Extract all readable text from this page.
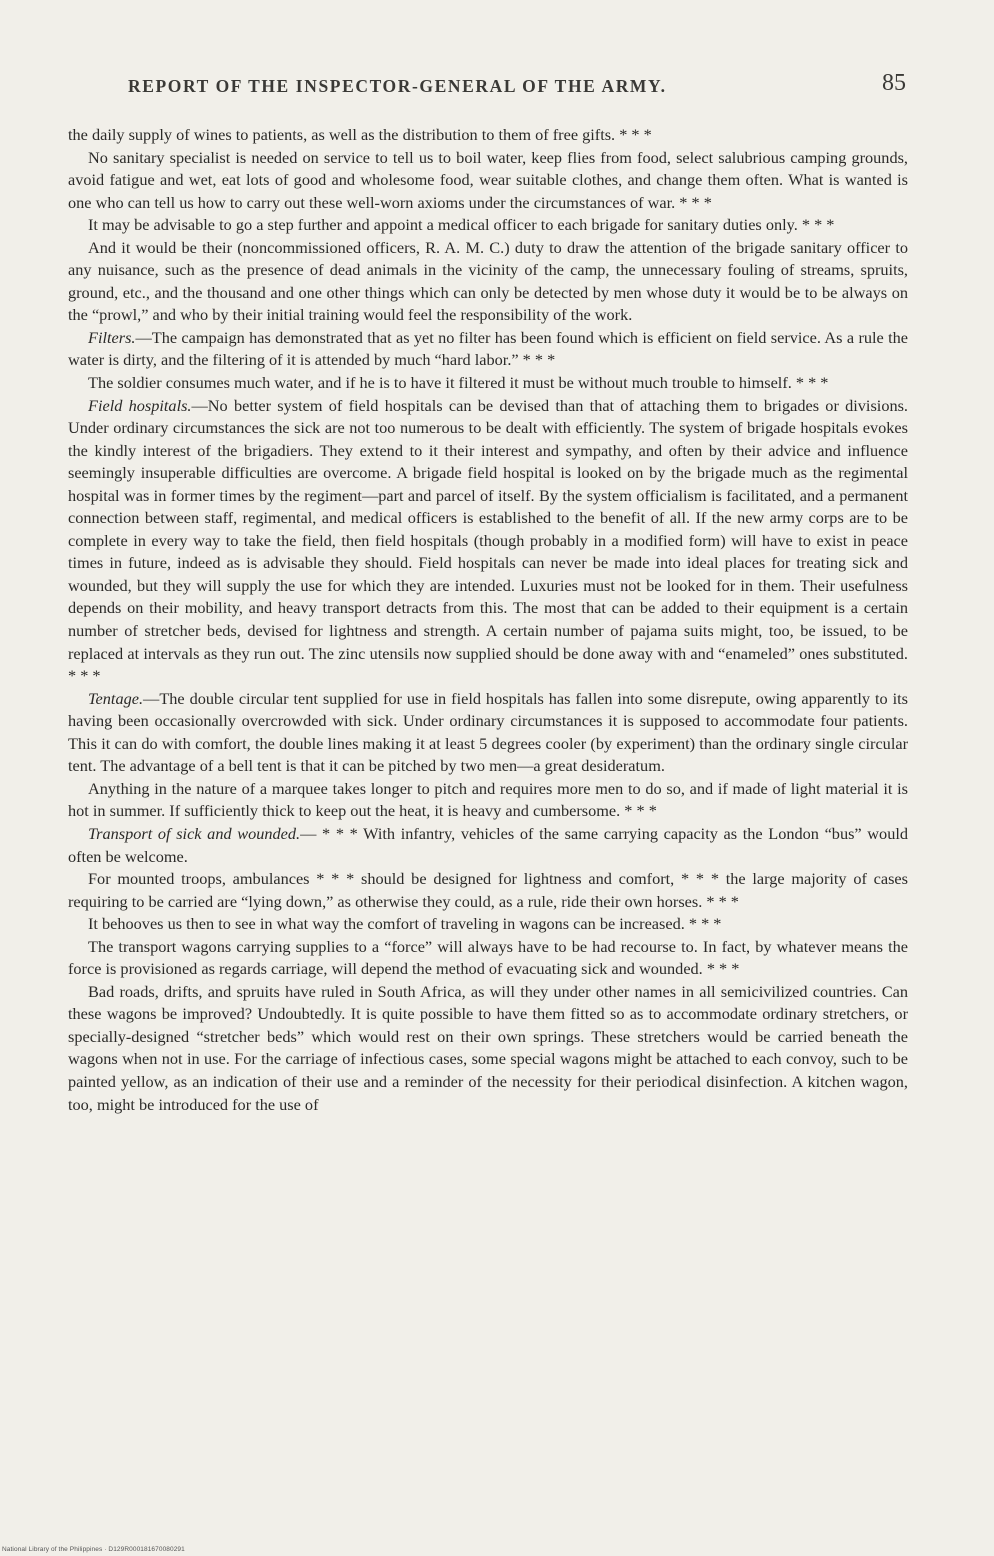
REPORT OF THE INSPECTOR-GENERAL OF THE ARMY.	85

the daily supply of wines to patients, as well as the distribution to them of free gifts. * * *

No sanitary specialist is needed on service to tell us to boil water, keep flies from food, select salubrious camping grounds, avoid fatigue and wet, eat lots of good and wholesome food, wear suitable clothes, and change them often. What is wanted is one who can tell us how to carry out these well-worn axioms under the circumstances of war. * * *

It may be advisable to go a step further and appoint a medical officer to each brigade for sanitary duties only. * * *

And it would be their (noncommissioned officers, R. A. M. C.) duty to draw the attention of the brigade sanitary officer to any nuisance, such as the presence of dead animals in the vicinity of the camp, the unnecessary fouling of streams, spruits, ground, etc., and the thousand and one other things which can only be detected by men whose duty it would be to be always on the “prowl,” and who by their initial training would feel the responsibility of the work.

Filters.—The campaign has demonstrated that as yet no filter has been found which is efficient on field service. As a rule the water is dirty, and the filtering of it is attended by much “hard labor.” * * *

The soldier consumes much water, and if he is to have it filtered it must be without much trouble to himself. * * *

Field hospitals.—No better system of field hospitals can be devised than that of attaching them to brigades or divisions. Under ordinary circumstances the sick are not too numerous to be dealt with efficiently. The system of brigade hospitals evokes the kindly interest of the brigadiers. They extend to it their interest and sympathy, and often by their advice and influence seemingly insuperable difficulties are overcome. A brigade field hospital is looked on by the brigade much as the regimental hospital was in former times by the regiment—part and parcel of itself. By the system officialism is facilitated, and a permanent connection between staff, regimental, and medical officers is established to the benefit of all. If the new army corps are to be complete in every way to take the field, then field hospitals (though probably in a modified form) will have to exist in peace times in future, indeed as is advisable they should. Field hospitals can never be made into ideal places for treating sick and wounded, but they will supply the use for which they are intended. Luxuries must not be looked for in them. Their usefulness depends on their mobility, and heavy transport detracts from this. The most that can be added to their equipment is a certain number of stretcher beds, devised for lightness and strength. A certain number of pajama suits might, too, be issued, to be replaced at intervals as they run out. The zinc utensils now supplied should be done away with and “enameled” ones substituted. * * *

Tentage.—The double circular tent supplied for use in field hospitals has fallen into some disrepute, owing apparently to its having been occasionally overcrowded with sick. Under ordinary circumstances it is supposed to accommodate four patients. This it can do with comfort, the double lines making it at least 5 degrees cooler (by experiment) than the ordinary single circular tent. The advantage of a bell tent is that it can be pitched by two men—a great desideratum.

Anything in the nature of a marquee takes longer to pitch and requires more men to do so, and if made of light material it is hot in summer. If sufficiently thick to keep out the heat, it is heavy and cumbersome. * * *

Transport of sick and wounded.— * * * With infantry, vehicles of the same carrying capacity as the London “bus” would often be welcome.

For mounted troops, ambulances * * * should be designed for lightness and comfort, * * * the large majority of cases requiring to be carried are “lying down,” as otherwise they could, as a rule, ride their own horses. * * *

It behooves us then to see in what way the comfort of traveling in wagons can be increased. * * *

The transport wagons carrying supplies to a “force” will always have to be had recourse to. In fact, by whatever means the force is provisioned as regards carriage, will depend the method of evacuating sick and wounded. * * *

Bad roads, drifts, and spruits have ruled in South Africa, as will they under other names in all semicivilized countries. Can these wagons be improved? Undoubtedly. It is quite possible to have them fitted so as to accommodate ordinary stretchers, or specially-designed “stretcher beds” which would rest on their own springs. These stretchers would be carried beneath the wagons when not in use. For the carriage of infectious cases, some special wagons might be attached to each convoy, such to be painted yellow, as an indication of their use and a reminder of the necessity for their periodical disinfection. A kitchen wagon, too, might be introduced for the use of

National Library of the Philippines · D129R000181670080291
